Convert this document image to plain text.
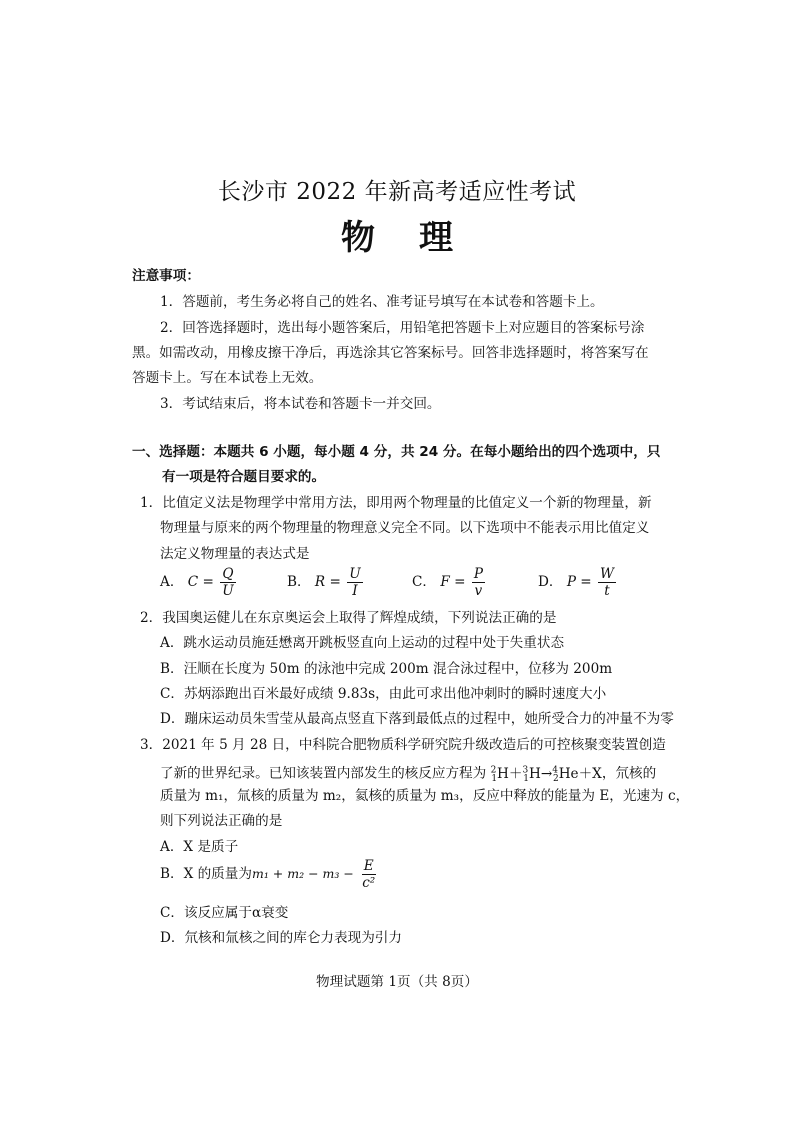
长沙市 2022 年新高考适应性考试
物 理
注意事项：
1．答题前，考生务必将自己的姓名、准考证号填写在本试卷和答题卡上。
2．回答选择题时，选出每小题答案后，用铅笔把答题卡上对应题目的答案标号涂
黑。如需改动，用橡皮擦干净后，再选涂其它答案标号。回答非选择题时，将答案写在
答题卡上。写在本试卷上无效。
3．考试结束后，将本试卷和答题卡一并交回。
一、选择题：本题共 6 小题，每小题 4 分，共 24 分。在每小题给出的四个选项中，只
有一项是符合题目要求的。
1．比值定义法是物理学中常用方法，即用两个物理量的比值定义一个新的物理量，新
物理量与原来的两个物理量的物理意义完全不同。以下选项中不能表示用比值定义
法定义物理量的表达式是
A． $C = \frac{Q}{U}$	B． $R = \frac{U}{I}$	C． $F = \frac{P}{v}$	D． $P = \frac{W}{t}$
2．我国奥运健儿在东京奥运会上取得了辉煌成绩，下列说法正确的是
A．跳水运动员施廷懋离开跳板竖直向上运动的过程中处于失重状态
B．汪顺在长度为 50m 的泳池中完成 200m 混合泳过程中，位移为 200m
C．苏炳添跑出百米最好成绩 9.83s，由此可求出他冲刺时的瞬时速度大小
D．蹦床运动员朱雪莹从最高点竖直下落到最低点的过程中，她所受合力的冲量不为零
3．2021 年 5 月 28 日，中科院合肥物质科学研究院升级改造后的可控核聚变装置创造
了新的世界纪录。已知该装置内部发生的核反应方程为 $^2_1$H＋$^3_1$H→$^4_2$He＋X，氘核的
质量为 m₁，氚核的质量为 m₂，氦核的质量为 m₃，反应中释放的能量为 E，光速为 c，
则下列说法正确的是
A．X 是质子
B．X 的质量为$m_1 + m_2 - m_3 - \frac{E}{\text{c²}}$
C．该反应属于α衰变
D．氘核和氚核之间的库仑力表现为引力
物理试题第 1页（共 8页）
